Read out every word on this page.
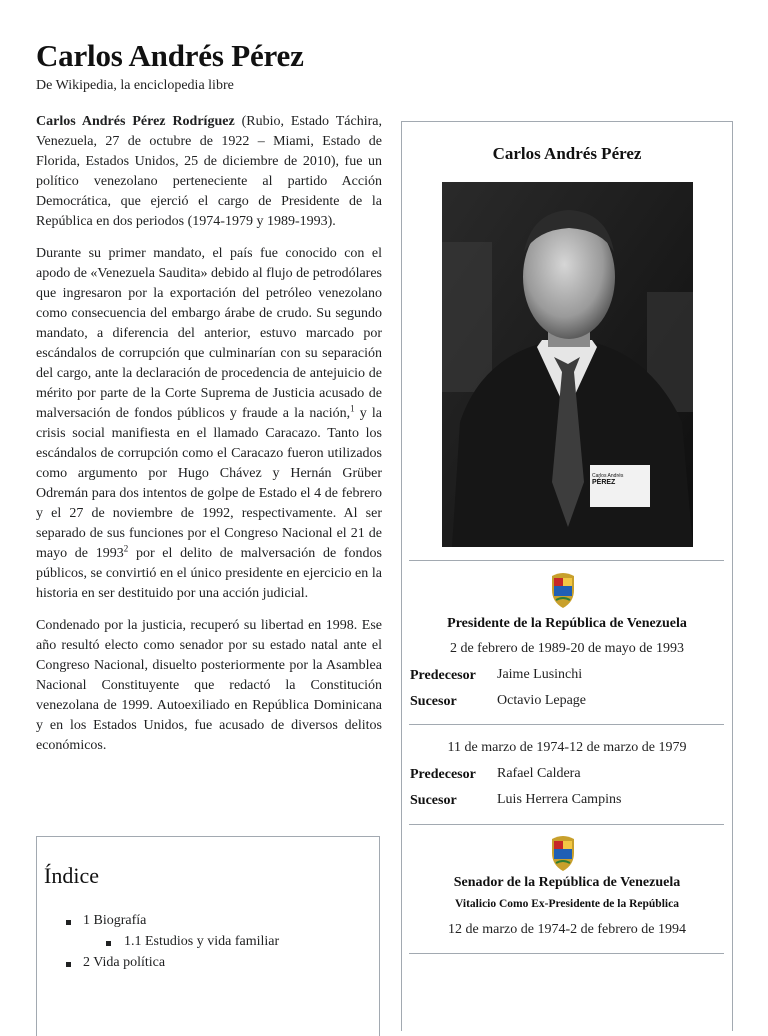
Carlos Andrés Pérez
De Wikipedia, la enciclopedia libre

Carlos Andrés Pérez Rodríguez (Rubio, Estado Táchira, Venezuela, 27 de octubre de 1922 – Miami, Estado de Florida, Estados Unidos, 25 de diciembre de 2010), fue un político venezolano perteneciente al partido Acción Democrática, que ejerció el cargo de Presidente de la República en dos periodos (1974-1979 y 1989-1993).

Durante su primer mandato, el país fue conocido con el apodo de «Venezuela Saudita» debido al flujo de petrodólares que ingresaron por la exportación del petróleo venezolano como consecuencia del embargo árabe de crudo. Su segundo mandato, a diferencia del anterior, estuvo marcado por escándalos de corrupción que culminarían con su separación del cargo, ante la declaración de procedencia de antejuicio de mérito por parte de la Corte Suprema de Justicia acusado de malversación de fondos públicos y fraude a la nación,$^1$ y la crisis social manifiesta en el llamado Caracazo. Tanto los escándalos de corrupción como el Caracazo fueron utilizados como argumento por Hugo Chávez y Hernán Grüber Odremán para dos intentos de golpe de Estado el 4 de febrero y el 27 de noviembre de 1992, respectivamente. Al ser separado de sus funciones por el Congreso Nacional el 21 de mayo de 1993$^2$ por el delito de malversación de fondos públicos, se convirtió en el único presidente en ejercicio en la historia en ser destituido por una acción judicial.

Condenado por la justicia, recuperó su libertad en 1998. Ese año resultó electo como senador por su estado natal ante el Congreso Nacional, disuelto posteriormente por la Asamblea Nacional Constituyente que redactó la Constitución venezolana de 1999. Autoexiliado en República Dominicana y en los Estados Unidos, fue acusado de diversos delitos económicos.

Índice
1 Biografía
1.1 Estudios y vida familiar
2 Vida política
Carlos Andrés Pérez
Carlos Andrés
PÉREZ
Presidente de la República de Venezuela
2 de febrero de 1989-20 de mayo de 1993
Predecesor Jaime Lusinchi
Sucesor	Octavio Lepage
11 de marzo de 1974-12 de marzo de 1979
Predecesor Rafael Caldera
Sucesor	Luis Herrera Campins
Senador de la República de Venezuela
Vitalicio Como Ex-Presidente de la República
12 de marzo de 1974-2 de febrero de 1994
